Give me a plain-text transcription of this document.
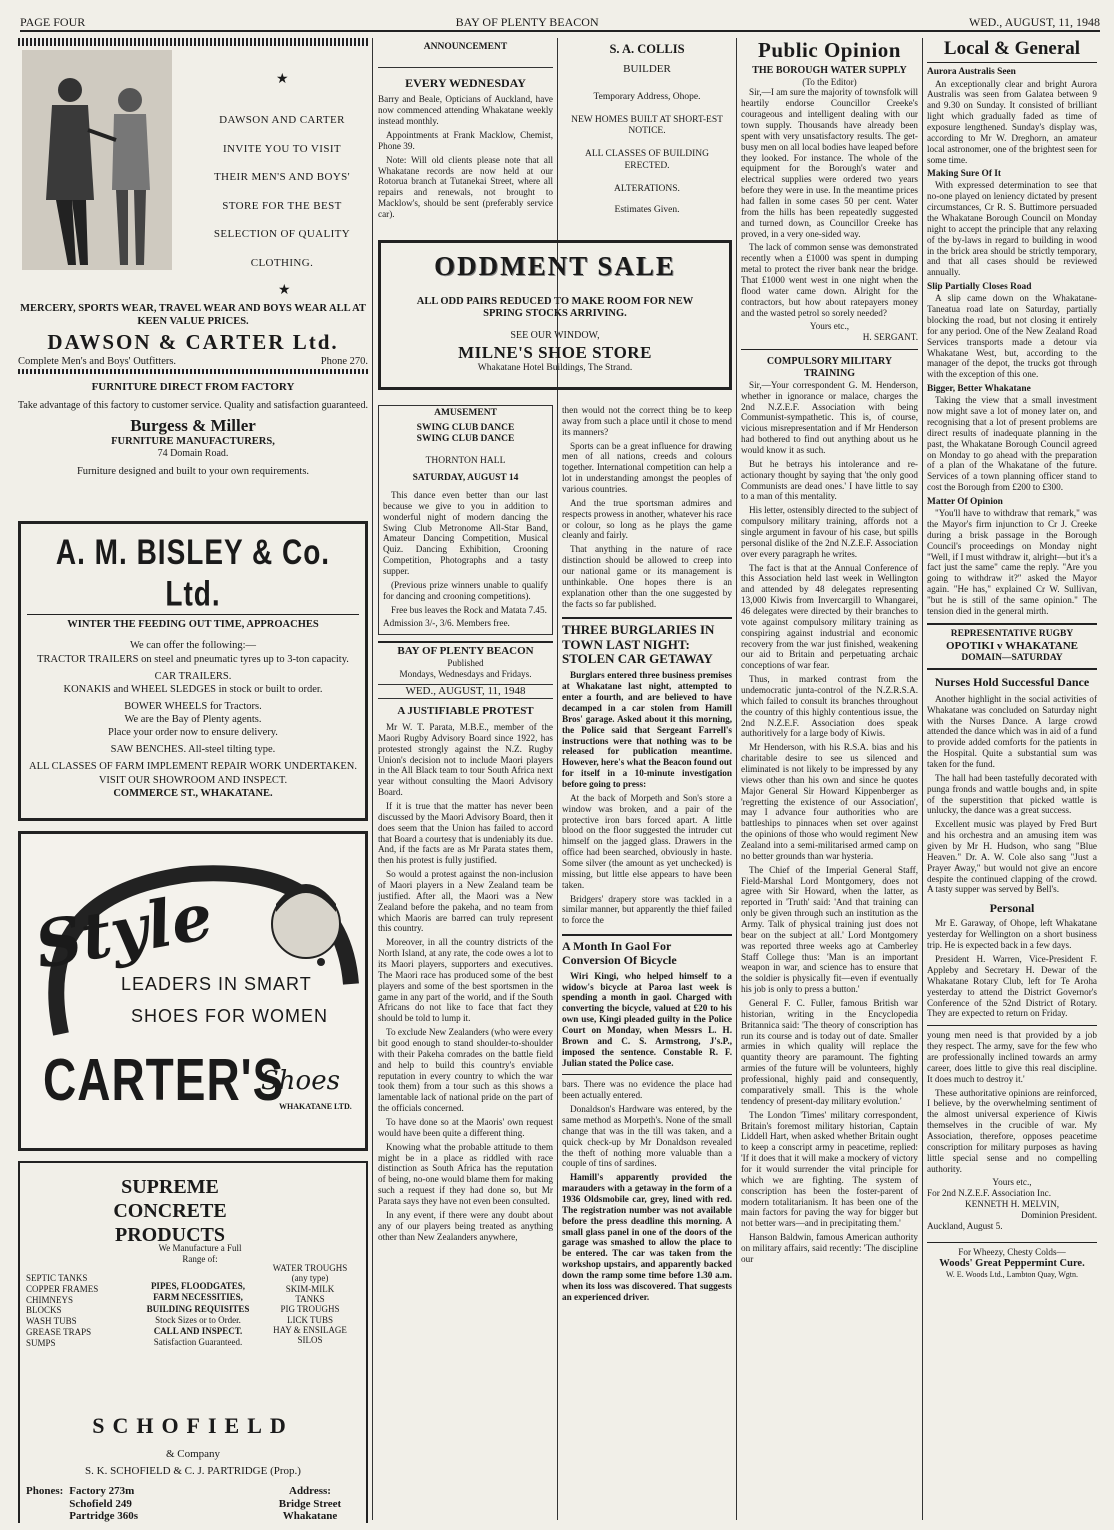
PAGE FOUR	BAY OF PLENTY BEACON	WED., AUGUST, 11, 1948
★
DAWSON AND CARTER
INVITE YOU TO VISIT
THEIR MEN'S AND BOYS'
STORE FOR THE BEST
SELECTION OF QUALITY
CLOTHING.
★
MERCERY, SPORTS WEAR, TRAVEL WEAR AND BOYS WEAR ALL AT KEEN VALUE PRICES.
DAWSON & CARTER Ltd.
Complete Men's and Boys' Outfitters.	Phone 270.
FURNITURE DIRECT FROM FACTORY
Take advantage of this factory to customer service. Quality and satisfaction guaranteed.
Burgess & Miller
FURNITURE MANUFACTURERS,
74 Domain Road.
Furniture designed and built to your own requirements.
A. M. BISLEY & Co. Ltd.
WINTER THE FEEDING OUT TIME, APPROACHES
We can offer the following:—
TRACTOR TRAILERS on steel and pneumatic tyres up to 3-ton capacity.
CAR TRAILERS.
KONAKIS and WHEEL SLEDGES in stock or built to order.
BOWER WHEELS for Tractors.
We are the Bay of Plenty agents.
Place your order now to ensure delivery.
SAW BENCHES. All-steel tilting type.
ALL CLASSES OF FARM IMPLEMENT REPAIR WORK UNDERTAKEN.
VISIT OUR SHOWROOM AND INSPECT.
COMMERCE ST., WHAKATANE.
Style
LEADERS IN SMART
SHOES FOR WOMEN
CARTER'S
Shoes
WHAKATANE LTD.
SUPREME CONCRETE PRODUCTS
We Manufacture a Full Range of:
SEPTIC TANKS
COPPER FRAMES
CHIMNEYS
BLOCKS
WASH TUBS
GREASE TRAPS
SUMPS
PIPES, FLOODGATES,
FARM NECESSITIES,
BUILDING REQUISITES
Stock Sizes or to Order.
CALL AND INSPECT.
Satisfaction Guaranteed.
WATER TROUGHS
(any type)
SKIM-MILK
TANKS
PIG TROUGHS
LICK TUBS
HAY & ENSILAGE
SILOS
SCHOFIELD
& Company
S. K. SCHOFIELD & C. J. PARTRIDGE (Prop.)
Phones: Factory 273m
Schofield 249
Partridge 360s
Address:
Bridge Street
Whakatane
ANNOUNCEMENT
EVERY WEDNESDAY

Barry and Beale, Opticians of Auckland, have now commenced attending Whakatane weekly instead monthly.

Appointments at Frank Macklow, Chemist, Phone 39.

Note: Will old clients please note that all Whakatane records are now held at our Rotorua branch at Tutanekai Street, where all repairs and renewals, not brought to Macklow's, should be sent (preferably service car).

S. A. COLLIS
BUILDER
Temporary Address, Ohope.
NEW HOMES BUILT AT SHORT-EST NOTICE.
ALL CLASSES OF BUILDING ERECTED.
ALTERATIONS.
Estimates Given.
ODDMENT SALE
ALL ODD PAIRS REDUCED TO MAKE ROOM FOR NEW SPRING STOCKS ARRIVING.
SEE OUR WINDOW,
MILNE'S SHOE STORE
Whakatane Hotel Buildings, The Strand.
AMUSEMENT
SWING CLUB DANCE
SWING CLUB DANCE
THORNTON HALL
SATURDAY, AUGUST 14

This dance even better than our last because we give to you in addition to wonderful night of modern dancing the Swing Club Metronome All-Star Band, Amateur Dancing Competition, Musical Quiz. Dancing Exhibition, Crooning Competition, Photographs and a tasty supper.

(Previous prize winners unable to qualify for dancing and crooning competitions).

Free bus leaves the Rock and Matata 7.45.

Admission 3/-, 3/6. Members free.

BAY OF PLENTY BEACON
Published
Mondays, Wednesdays and Fridays.
WED., AUGUST, 11, 1948
A JUSTIFIABLE PROTEST

Mr W. T. Parata, M.B.E., member of the Maori Rugby Advisory Board since 1922, has protested strongly against the N.Z. Rugby Union's decision not to include Maori players in the All Black team to tour South Africa next year without consulting the Maori Advisory Board.

If it is true that the matter has never been discussed by the Maori Advisory Board, then it does seem that the Union has failed to accord that Board a courtesy that is undeniably its due. And, if the facts are as Mr Parata states them, then his protest is fully justified.

So would a protest against the non-inclusion of Maori players in a New Zealand team be justified. After all, the Maori was a New Zealand before the pakeha, and no team from which Maoris are barred can truly represent this country.

Moreover, in all the country districts of the North Island, at any rate, the code owes a lot to its Maori players, supporters and executives. The Maori race has produced some of the best players and some of the best sportsmen in the game in any part of the world, and if the South Africans do not like to face that fact they should be told to lump it.

To exclude New Zealanders (who were every bit good enough to stand shoulder-to-shoulder with their Pakeha comrades on the battle field and help to build this country's enviable reputation in every country to which the war took them) from a tour such as this shows a lamentable lack of national pride on the part of the officials concerned.

To have done so at the Maoris' own request would have been quite a different thing.

Knowing what the probable attitude to them might be in a place as riddled with race distinction as South Africa has the reputation of being, no-one would blame them for making such a request if they had done so, but Mr Parata says they have not even been consulted.

In any event, if there were any doubt about any of our players being treated as anything other than New Zealanders anywhere,

then would not the correct thing be to keep away from such a place until it chose to mend its manners?

Sports can be a great influence for drawing men of all nations, creeds and colours together. International competition can help a lot in understanding amongst the peoples of various countries.

And the true sportsman admires and respects prowess in another, whatever his race or colour, so long as he plays the game cleanly and fairly.

That anything in the nature of race distinction should be allowed to creep into our national game or its management is unthinkable. One hopes there is an explanation other than the one suggested by the facts so far published.

THREE BURGLARIES IN TOWN LAST NIGHT: STOLEN CAR GETAWAY

Burglars entered three business premises at Whakatane last night, attempted to enter a fourth, and are believed to have decamped in a car stolen from Hamill Bros' garage. Asked about it this morning, the Police said that Sergeant Farrell's instructions were that nothing was to be released for publication meantime. However, here's what the Beacon found out for itself in a 10-minute investigation before going to press:

At the back of Morpeth and Son's store a window was broken, and a pair of the protective iron bars forced apart. A little blood on the floor suggested the intruder cut himself on the jagged glass. Drawers in the office had been searched, obviously in haste. Some silver (the amount as yet unchecked) is missing, but little else appears to have been taken.

Bridgers' drapery store was tackled in a similar manner, but apparently the thief failed to force the

A Month In Gaol For Conversion Of Bicycle

Wiri Kingi, who helped himself to a widow's bicycle at Paroa last week is spending a month in gaol. Charged with converting the bicycle, valued at £20 to his own use, Kingi pleaded guilty in the Police Court on Monday, when Messrs L. H. Brown and C. S. Armstrong, J's.P., imposed the sentence. Constable R. F. Julian stated the Police case.

bars. There was no evidence the place had been actually entered.

Donaldson's Hardware was entered, by the same method as Morpeth's. None of the small change that was in the till was taken, and a quick check-up by Mr Donaldson revealed the theft of nothing more valuable than a couple of tins of sardines.

Hamill's apparently provided the marauders with a getaway in the form of a 1936 Oldsmobile car, grey, lined with red. The registration number was not available before the press deadline this morning. A small glass panel in one of the doors of the garage was smashed to allow the place to be entered. The car was taken from the workshop upstairs, and apparently backed down the ramp some time before 1.30 a.m. when its loss was discovered. That suggests an experienced driver.

Public Opinion
THE BOROUGH WATER SUPPLY
(To the Editor)

Sir,—I am sure the majority of townsfolk will heartily endorse Councillor Creeke's courageous and intelligent dealing with our town supply. Thousands have already been spent with very unsatisfactory results. The get-busy men on all local bodies have leaped before they looked. For instance. The whole of the equipment for the Borough's water and electrical supplies were ordered two years before they were in use. In the meantime prices had fallen in some cases 50 per cent. Water from the hills has been repeatedly suggested and turned down, as Councillor Creeke has proved, in a very one-sided way.

The lack of common sense was demonstrated recently when a £1000 was spent in dumping metal to protect the river bank near the bridge. That £1000 went west in one night when the flood water came down. Alright for the contractors, but how about ratepayers money and the wasted petrol so sorely needed?

Yours etc.,
H. SERGANT.
COMPULSORY MILITARY TRAINING

Sir,—Your correspondent G. M. Henderson, whether in ignorance or malace, charges the 2nd N.Z.E.F. Association with being Communist-sympathetic. This is, of course, vicious misrepresentation and if Mr Henderson had bothered to find out anything about us he would know it as such.

But he betrays his intolerance and re-actionary thought by saying that 'the only good Communists are dead ones.' I have little to say to a man of this mentality.

His letter, ostensibly directed to the subject of compulsory military training, affords not a single argument in favour of his case, but spills personal dislike of the 2nd N.Z.E.F. Association over every paragraph he writes.

The fact is that at the Annual Conference of this Association held last week in Wellington and attended by 48 delegates representing 13,000 Kiwis from Invercargill to Whangarei, 46 delegates were directed by their branches to vote against compulsory military training as conspiring against industrial and economic recovery from the war just finished, weakening our aid to Britain and perpetuating archaic conceptions of war fear.

Thus, in marked contrast from the undemocratic junta-control of the N.Z.R.S.A. which failed to consult its branches throughout the country of this highly contentious issue, the 2nd N.Z.E.F. Association does speak authoritively for a large body of Kiwis.

Mr Henderson, with his R.S.A. bias and his charitable desire to see us silenced and eliminated is not likely to be impressed by any views other than his own and since he quotes Major General Sir Howard Kippenberger as 'regretting the existence of our Association', may I advance four authorities who are battleships to pinnaces when set over against the opinions of those who would regiment New Zealand into a semi-militarised armed camp on no better grounds than war hysteria.

The Chief of the Imperial General Staff, Field-Marshal Lord Montgomery, does not agree with Sir Howard, when the latter, as reported in 'Truth' said: 'And that training can only be given through such an institution as the Army. Talk of physical training just does not bear on the subject at all.' Lord Montgomery was reported three weeks ago at Camberley Staff College thus: 'Man is an important weapon in war, and science has to ensure that the soldier is physically fit—even if eventually his job is only to press a button.'

General F. C. Fuller, famous British war historian, writing in the Encyclopedia Britannica said: 'The theory of conscription has run its course and is today out of date. Smaller armies in which quality will replace the quantity theory are paramount. The fighting armies of the future will be volunteers, highly professional, highly paid and consequently, comparatively small. This is the whole tendency of present-day military evolution.'

The London 'Times' military correspondent, Britain's foremost military historian, Captain Liddell Hart, when asked whether Britain ought to keep a conscript army in peacetime, replied: 'If it does that it will make a mockery of victory for it would surrender the vital principle for which we are fighting. The system of conscription has been the foster-parent of modern totalitarianism. It has been one of the main factors for paving the way for bigger but not better wars—and in precipitating them.'

Hanson Baldwin, famous American authority on military affairs, said recently: 'The discipline our

Local & General
Aurora Australis Seen

An exceptionally clear and bright Aurora Australis was seen from Galatea between 9 and 9.30 on Sunday. It consisted of brilliant light which gradually faded as time of exposure lengthened. Sunday's display was, according to Mr W. Dreghorn, an amateur local astronomer, one of the brightest seen for some time.

Making Sure Of It

With expressed determination to see that no-one played on leniency dictated by present circumstances, Cr R. S. Buttimore persuaded the Whakatane Borough Council on Monday night to accept the principle that any relaxing of the by-laws in regard to building in wood in the brick area should be strictly temporary, and that all cases should be reviewed annually.

Slip Partially Closes Road

A slip came down on the Whakatane-Taneatua road late on Saturday, partially blocking the road, but not closing it entirely for any period. One of the New Zealand Road Services transports made a detour via Whakatane West, but, according to the manager of the depot, the trucks got through with the exception of this one.

Bigger, Better Whakatane

Taking the view that a small investment now might save a lot of money later on, and recognising that a lot of present problems are direct results of inadequate planning in the past, the Whakatane Borough Council agreed on Monday to go ahead with the preparation of a plan of the Whakatane of the future. Services of a town planning officer stand to cost the Borough from £200 to £300.

Matter Of Opinion

"You'll have to withdraw that remark," was the Mayor's firm injunction to Cr J. Creeke during a brisk passage in the Borough Council's proceedings on Monday night "Well, if I must withdraw it, alright—but it's a fact just the same" came the reply. "Are you going to withdraw it?" asked the Mayor again. "He has," explained Cr W. Sullivan, "but he is still of the same opinion." The tension died in the general mirth.

REPRESENTATIVE RUGBY
OPOTIKI v WHAKATANE
DOMAIN—SATURDAY
Nurses Hold Successful Dance

Another highlight in the social activities of Whakatane was concluded on Saturday night with the Nurses Dance. A large crowd attended the dance which was in aid of a fund to provide added comforts for the patients in the Hospital. Quite a substantial sum was taken for the fund.

The hall had been tastefully decorated with punga fronds and wattle boughs and, in spite of the superstition that picked wattle is unlucky, the dance was a great success.

Excellent music was played by Fred Burt and his orchestra and an amusing item was given by Mr H. Hudson, who sang "Blue Heaven." Dr. A. W. Cole also sang "Just a Prayer Away," but would not give an encore despite the continued clapping of the crowd. A tasty supper was served by Bell's.

Personal

Mr E. Garaway, of Ohope, left Whakatane yesterday for Wellington on a short business trip. He is expected back in a few days.

President H. Warren, Vice-President F. Appleby and Secretary H. Dewar of the Whakatane Rotary Club, left for Te Aroha yesterday to attend the District Governor's Conference of the 52nd District of Rotary. They are expected to return on Friday.

young men need is that provided by a job they respect. The army, save for the few who are professionally inclined towards an army career, does little to give this real discipline. It does much to destroy it.'

These authoritative opinions are reinforced, I believe, by the overwhelming sentiment of the almost universal experience of Kiwis themselves in the crucible of war. My Association, therefore, opposes peacetime conscription for military purposes as having little special sense and no compelling authority.

Yours etc.,
For 2nd N.Z.E.F. Association Inc.
KENNETH H. MELVIN,
Dominion President.
Auckland, August 5.
For Wheezy, Chesty Colds—
Woods' Great Peppermint Cure.
W. E. Woods Ltd., Lambton Quay, Wgtn.
